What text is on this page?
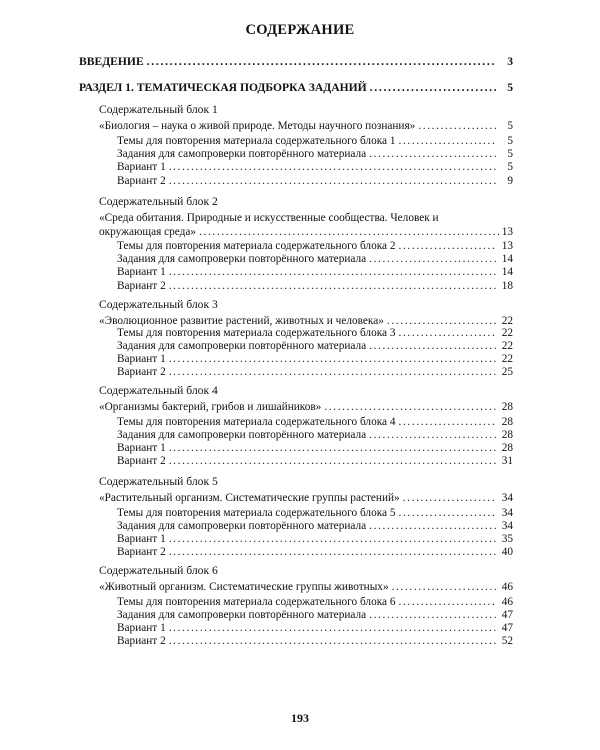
СОДЕРЖАНИЕ
ВВЕДЕНИЕ . . .	3
РАЗДЕЛ 1. ТЕМАТИЧЕСКАЯ ПОДБОРКА ЗАДАНИЙ . . .	5
Содержательный блок 1
«Биология – наука о живой природе. Методы научного познания» . . .	5
Темы для повторения материала содержательного блока 1 . . .	5
Задания для самопроверки повторённого материала . . .	5
Вариант 1 . . .	5
Вариант 2 . . .	9
Содержательный блок 2
«Среда обитания. Природные и искусственные сообщества. Человек и
окружающая среда» . . .	13
Темы для повторения материала содержательного блока 2 . . .	13
Задания для самопроверки повторённого материала . . .	14
Вариант 1 . . .	14
Вариант 2 . . .	18
Содержательный блок 3
«Эволюционное развитие растений, животных и человека» . . .	22
Темы для повторения материала содержательного блока 3 . . .	22
Задания для самопроверки повторённого материала . . .	22
Вариант 1 . . .	22
Вариант 2 . . .	25
Содержательный блок 4
«Организмы бактерий, грибов и лишайников» . . .	28
Темы для повторения материала содержательного блока 4 . . .	28
Задания для самопроверки повторённого материала . . .	28
Вариант 1 . . .	28
Вариант 2 . . .	31
Содержательный блок 5
«Растительный организм. Систематические группы растений» . . .	34
Темы для повторения материала содержательного блока 5 . . .	34
Задания для самопроверки повторённого материала . . .	34
Вариант 1 . . .	35
Вариант 2 . . .	40
Содержательный блок 6
«Животный организм. Систематические группы животных» . . .	46
Темы для повторения материала содержательного блока 6 . . .	46
Задания для самопроверки повторённого материала . . .	47
Вариант 1 . . .	47
Вариант 2 . . .	52
193
